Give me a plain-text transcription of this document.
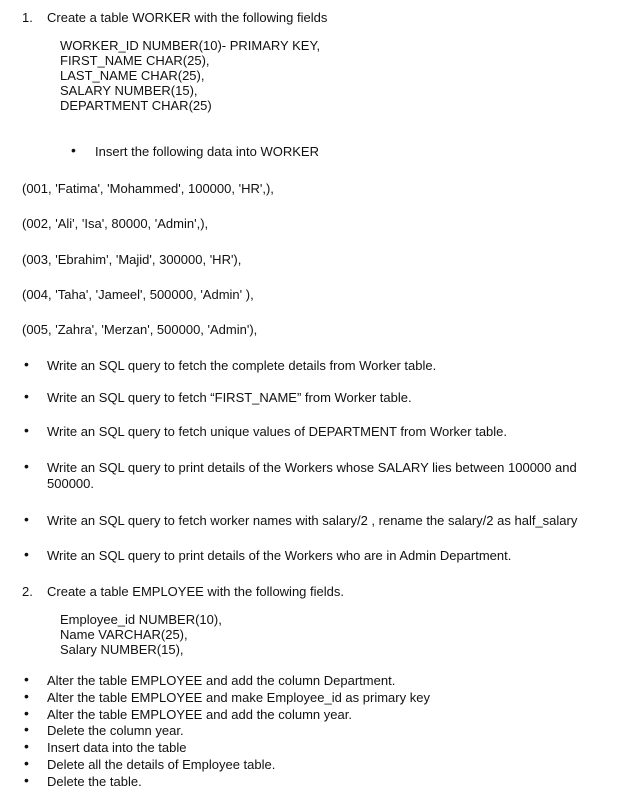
1. Create a table WORKER with the following fields
WORKER_ID NUMBER(10)- PRIMARY KEY,
FIRST_NAME CHAR(25),
LAST_NAME CHAR(25),
SALARY NUMBER(15),
DEPARTMENT CHAR(25)
• Insert the following data into WORKER
(001, 'Fatima', 'Mohammed', 100000, 'HR',),
(002, 'Ali', 'Isa', 80000, 'Admin',),
(003, 'Ebrahim', 'Majid', 300000, 'HR'),
(004, 'Taha', 'Jameel', 500000, 'Admin' ),
(005, 'Zahra', 'Merzan', 500000, 'Admin'),
• Write an SQL query to fetch the complete details from Worker table.
• Write an SQL query to fetch “FIRST_NAME” from Worker table.
• Write an SQL query to fetch unique values of DEPARTMENT from Worker table.
• Write an SQL query to print details of the Workers whose SALARY lies between 100000 and 500000.
• Write an SQL query to fetch worker names with salary/2 , rename the salary/2 as half_salary
• Write an SQL query to print details of the Workers who are in Admin Department.
2. Create a table EMPLOYEE with the following fields.
Employee_id NUMBER(10),
Name VARCHAR(25),
Salary NUMBER(15),
• Alter the table EMPLOYEE and add the column Department.
• Alter the table EMPLOYEE and make Employee_id as primary key
• Alter the table EMPLOYEE and add the column year.
• Delete the column year.
• Insert data into the table
• Delete all the details of Employee table.
• Delete the table.
